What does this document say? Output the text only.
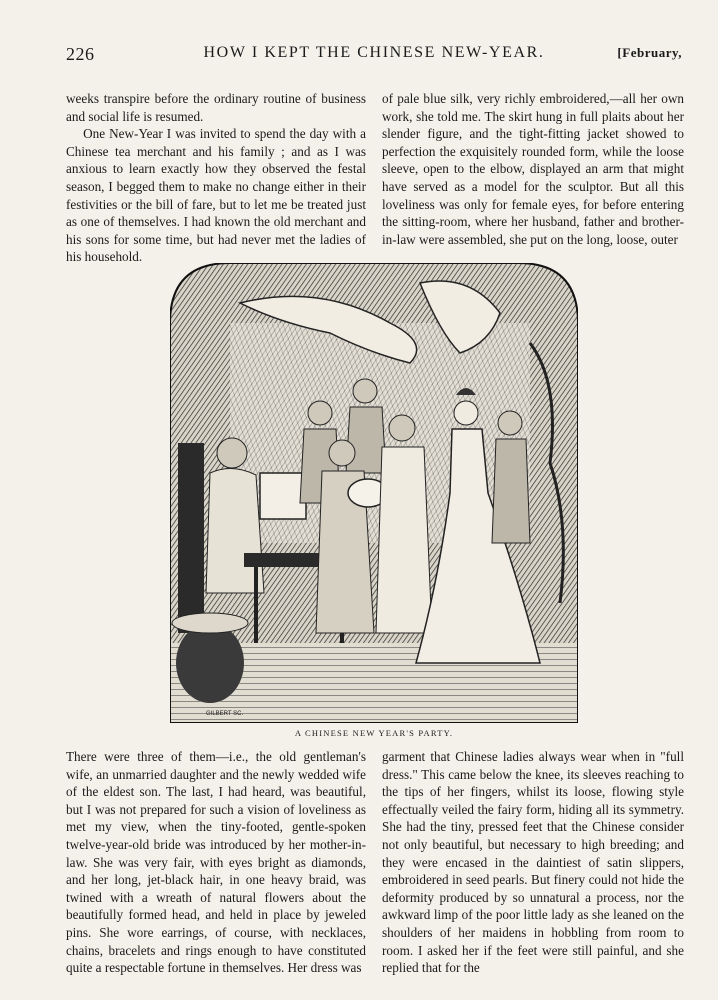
226	HOW I KEPT THE CHINESE NEW-YEAR.	[February,

weeks transpire before the ordinary routine of business and social life is resumed.

One New-Year I was invited to spend the day with a Chinese tea merchant and his family ; and as I was anxious to learn exactly how they observed the festal season, I begged them to make no change either in their festivities or the bill of fare, but to let me be treated just as one of themselves. I had known the old merchant and his sons for some time, but had never met the ladies of his household.

of pale blue silk, very richly embroidered,—all her own work, she told me. The skirt hung in full plaits about her slender figure, and the tight-fitting jacket showed to perfection the exquisitely rounded form, while the loose sleeve, open to the elbow, displayed an arm that might have served as a model for the sculptor. But all this loveliness was only for female eyes, for before entering the sitting-room, where her husband, father and brother-in-law were assembled, she put on the long, loose, outer

GILBERT SC.
A CHINESE NEW YEAR'S PARTY.

There were three of them—i.e., the old gentleman's wife, an unmarried daughter and the newly wedded wife of the eldest son. The last, I had heard, was beautiful, but I was not prepared for such a vision of loveliness as met my view, when the tiny-footed, gentle-spoken twelve-year-old bride was introduced by her mother-in-law. She was very fair, with eyes bright as diamonds, and her long, jet-black hair, in one heavy braid, was twined with a wreath of natural flowers about the beautifully formed head, and held in place by jeweled pins. She wore earrings, of course, with necklaces, chains, bracelets and rings enough to have constituted quite a respectable fortune in themselves. Her dress was

garment that Chinese ladies always wear when in "full dress." This came below the knee, its sleeves reaching to the tips of her fingers, whilst its loose, flowing style effectually veiled the fairy form, hiding all its symmetry. She had the tiny, pressed feet that the Chinese consider not only beautiful, but necessary to high breeding; and they were encased in the daintiest of satin slippers, embroidered in seed pearls. But finery could not hide the deformity produced by so unnatural a process, nor the awkward limp of the poor little lady as she leaned on the shoulders of her maidens in hobbling from room to room. I asked her if the feet were still painful, and she replied that for the
